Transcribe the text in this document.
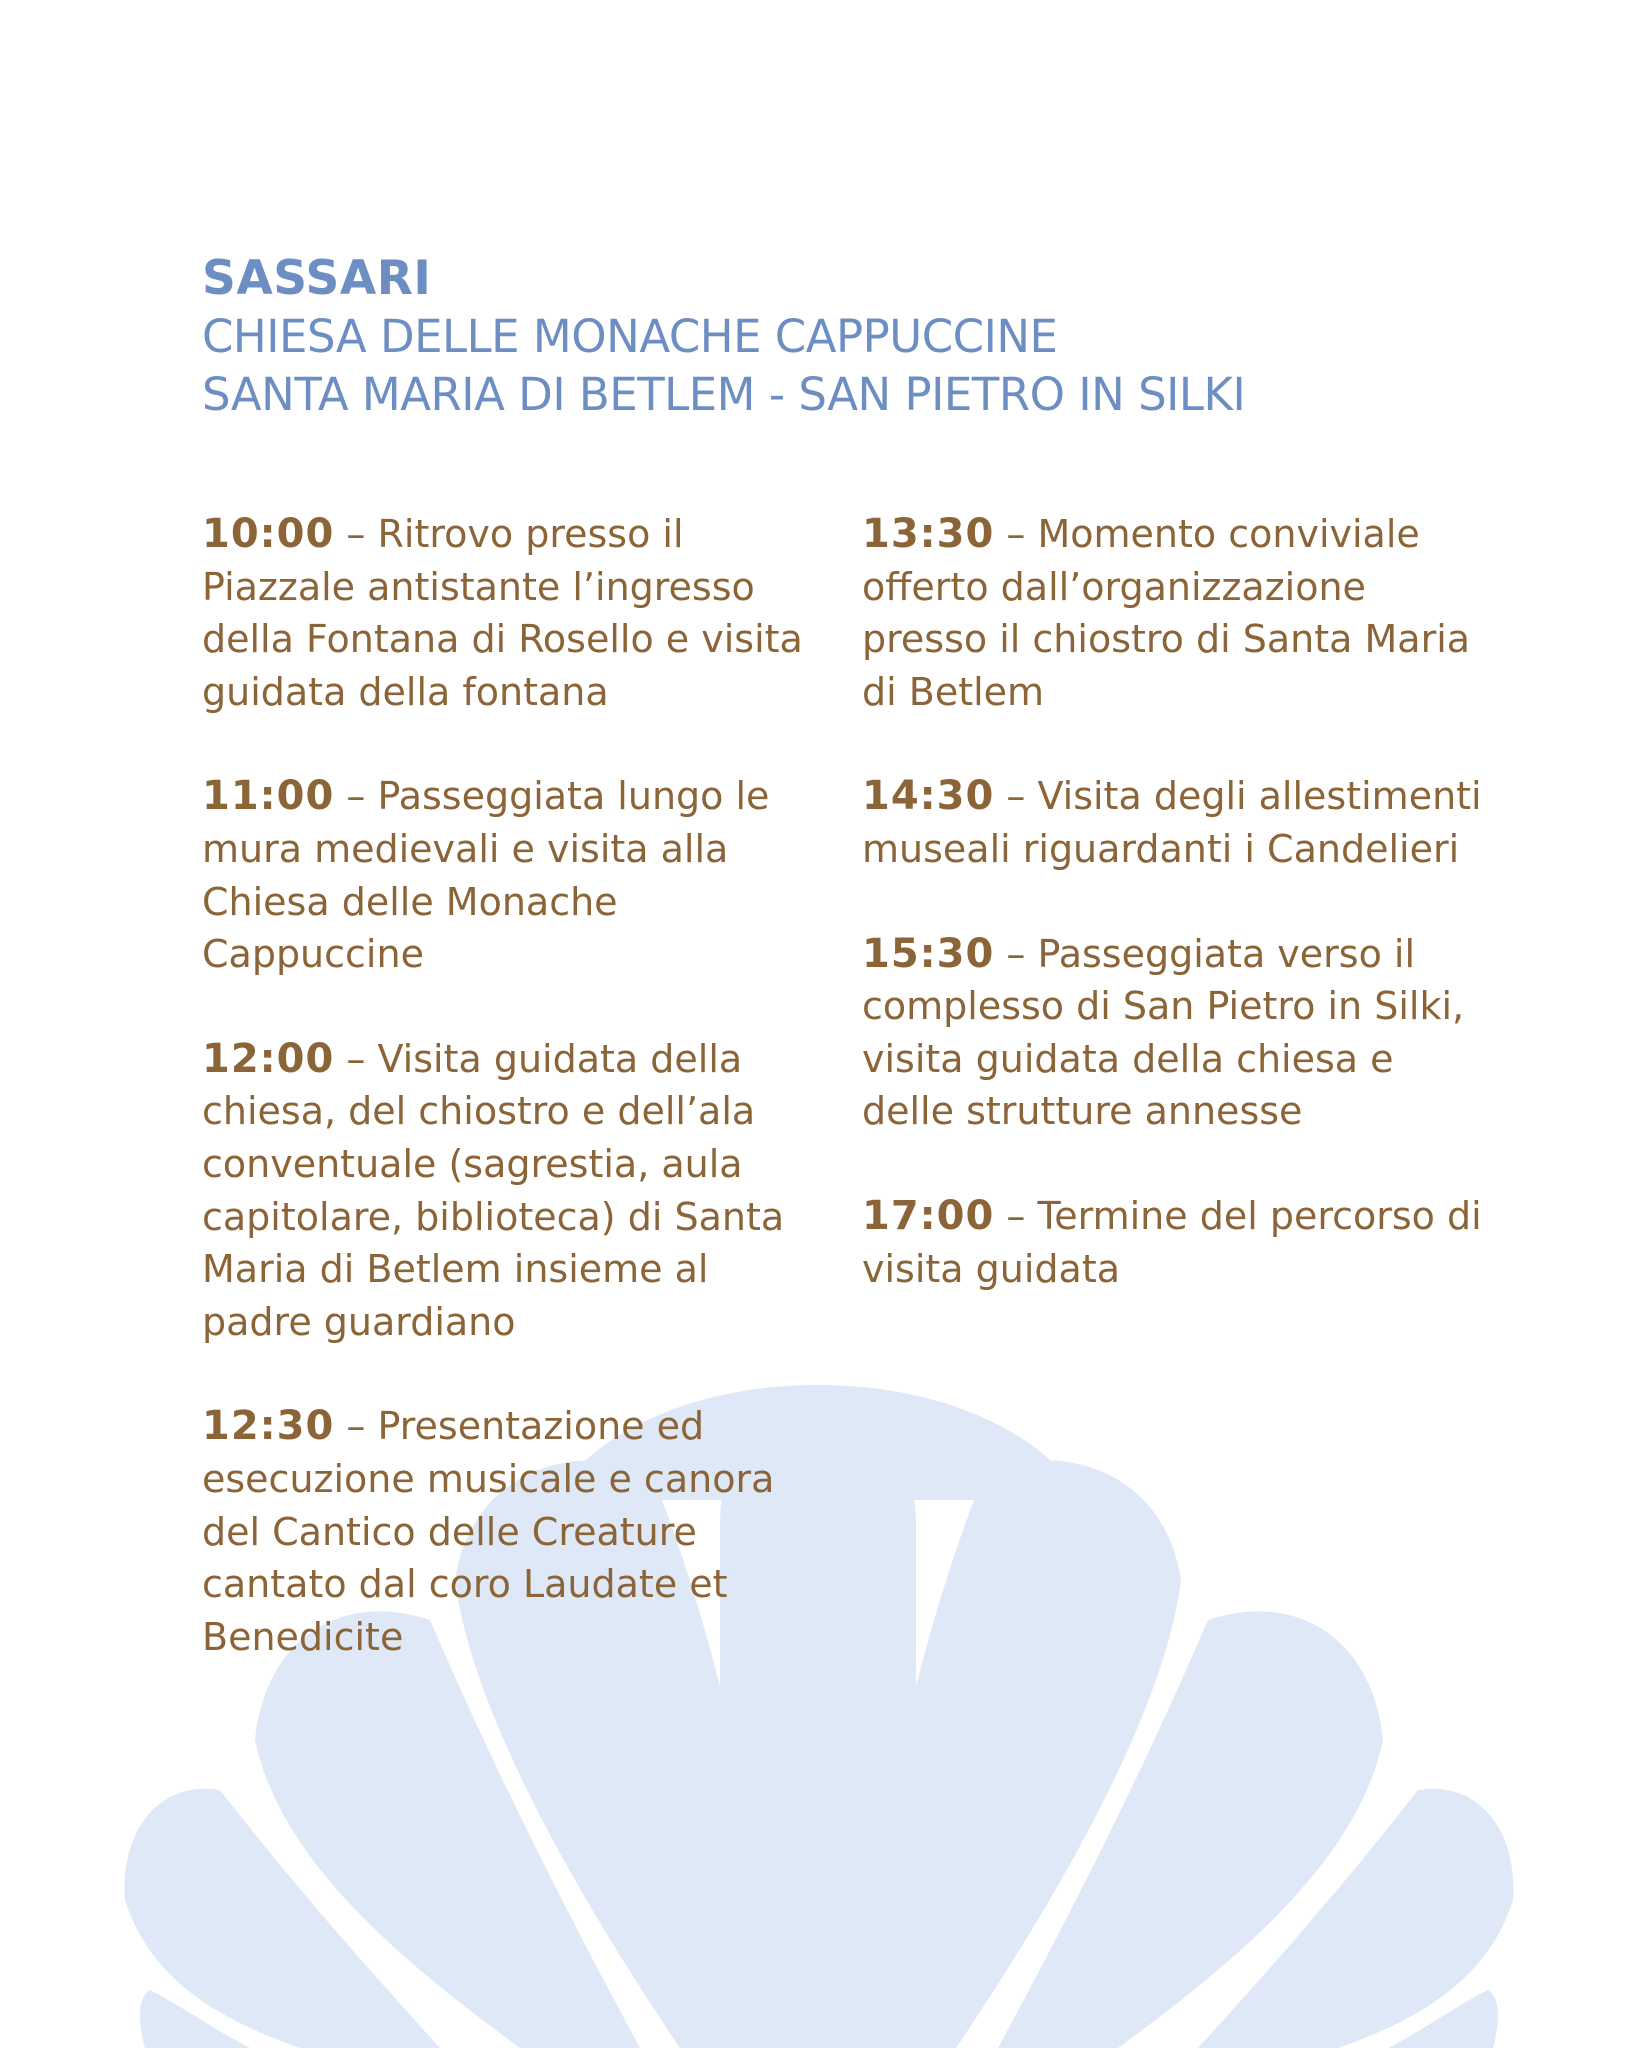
SASSARI
CHIESA DELLE MONACHE CAPPUCCINE
SANTA MARIA DI BETLEM - SAN PIETRO IN SILKI
10:00 – Ritrovo presso il Piazzale antistante l’ingresso della Fontana di Rosello e visita guidata della fontana
11:00 – Passeggiata lungo le mura medievali e visita alla Chiesa delle Monache Cappuccine
12:00 – Visita guidata della chiesa, del chiostro e dell’ala conventuale (sagrestia, aula capitolare, biblioteca) di Santa Maria di Betlem insieme al padre guardiano
12:30 – Presentazione ed esecuzione musicale e canora del Cantico delle Creature cantato dal coro Laudate et Benedicite
13:30 – Momento conviviale offerto dall’organizzazione presso il chiostro di Santa Maria di Betlem
14:30 – Visita degli allestimenti museali riguardanti i Candelieri
15:30 – Passeggiata verso il complesso di San Pietro in Silki, visita guidata della chiesa e delle strutture annesse
17:00 – Termine del percorso di visita guidata
